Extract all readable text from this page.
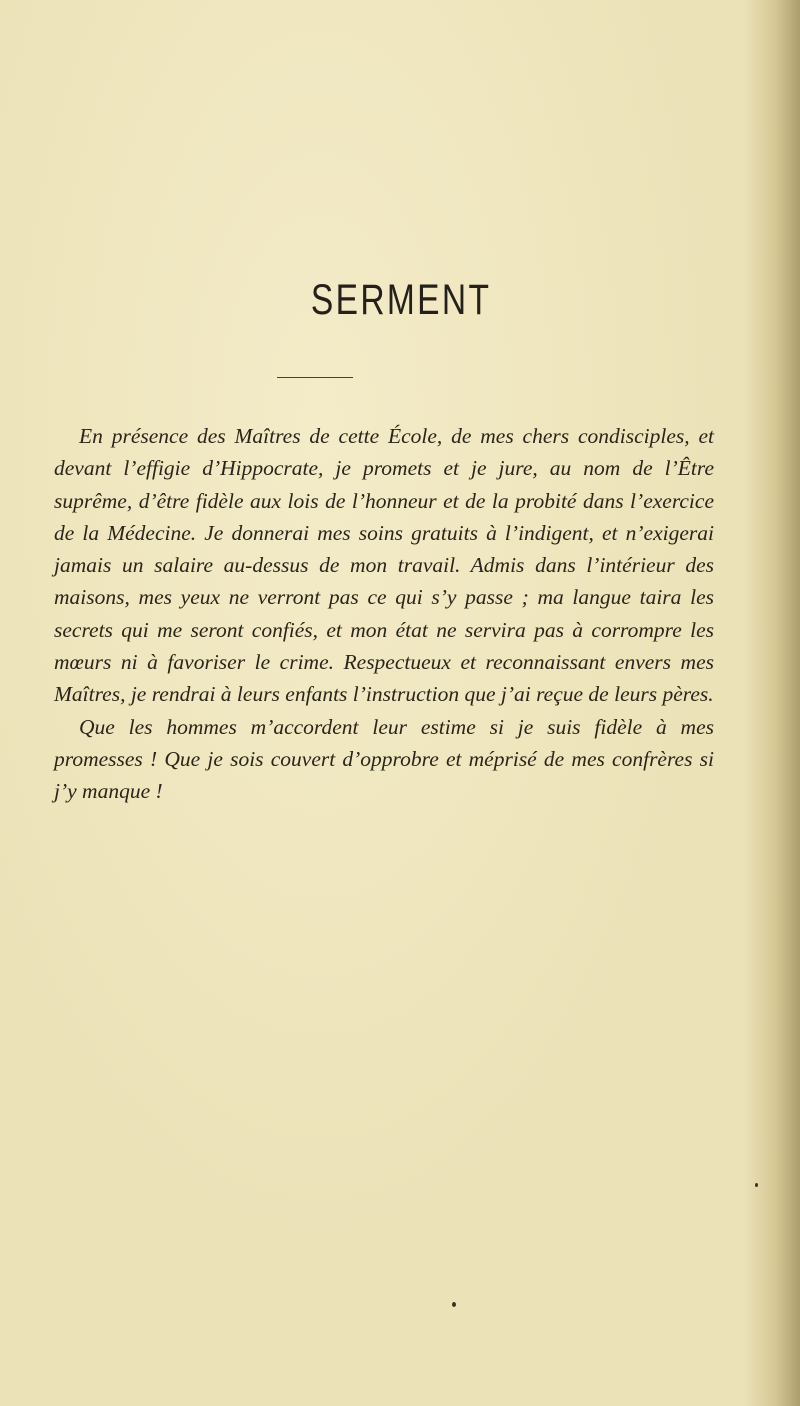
SERMENT

En présence des Maîtres de cette École, de mes chers condisciples, et devant l’effigie d’Hippocrate, je promets et je jure, au nom de l’Être suprême, d’être fidèle aux lois de l’honneur et de la probité dans l’exercice de la Médecine. Je donnerai mes soins gratuits à l’indigent, et n’exigerai jamais un salaire au-dessus de mon travail. Admis dans l’intérieur des maisons, mes yeux ne verront pas ce qui s’y passe ; ma langue taira les secrets qui me seront confiés, et mon état ne servira pas à corrompre les mœurs ni à favoriser le crime. Respectueux et reconnaissant envers mes Maîtres, je rendrai à leurs enfants l’instruction que j’ai reçue de leurs pères.

Que les hommes m’accordent leur estime si je suis fidèle à mes promesses ! Que je sois couvert d’opprobre et méprisé de mes confrères si j’y manque !
